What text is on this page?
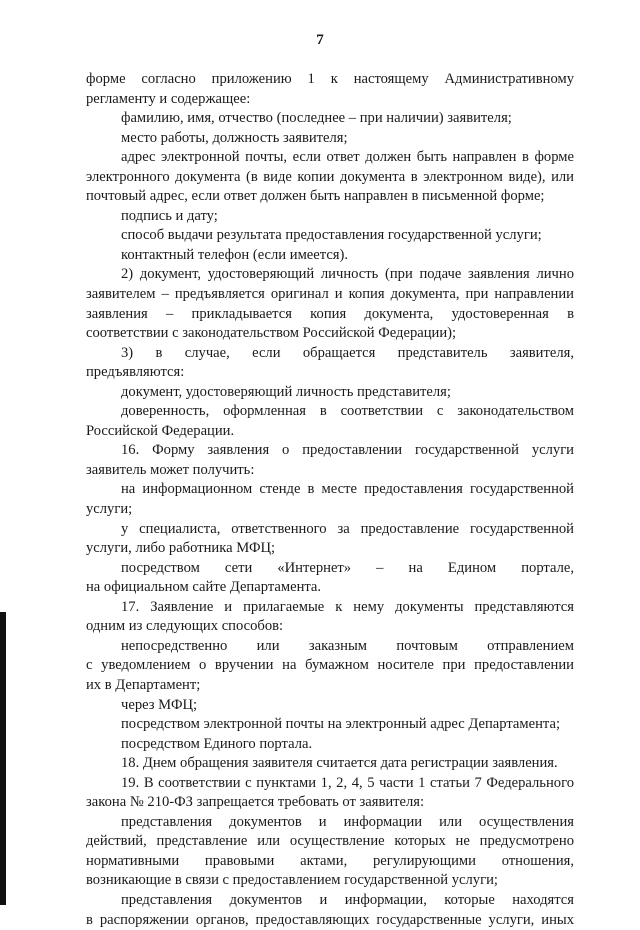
7
форме согласно приложению 1 к настоящему Административному
регламенту и содержащее:
фамилию, имя, отчество (последнее – при наличии) заявителя;
место работы, должность заявителя;
адрес электронной почты, если ответ должен быть направлен в форме
электронного документа (в виде копии документа в электронном виде), или
почтовый адрес, если ответ должен быть направлен в письменной форме;
подпись и дату;
способ выдачи результата предоставления государственной услуги;
контактный телефон (если имеется).
2) документ, удостоверяющий личность (при подаче заявления лично
заявителем – предъявляется оригинал и копия документа, при направлении
заявления – прикладывается копия документа, удостоверенная в
соответствии с законодательством Российской Федерации);
3) в случае, если обращается представитель заявителя,
предъявляются:
документ, удостоверяющий личность представителя;
доверенность, оформленная в соответствии с законодательством
Российской Федерации.
16. Форму заявления о предоставлении государственной услуги
заявитель может получить:
на информационном стенде в месте предоставления государственной
услуги;
у специалиста, ответственного за предоставление государственной
услуги, либо работника МФЦ;
посредством сети «Интернет» – на Едином портале,
на официальном сайте Департамента.
17. Заявление и прилагаемые к нему документы представляются
одним из следующих способов:
непосредственно или заказным почтовым отправлением
с уведомлением о вручении на бумажном носителе при предоставлении
их в Департамент;
через МФЦ;
посредством электронной почты на электронный адрес Департамента;
посредством Единого портала.
18. Днем обращения заявителя считается дата регистрации заявления.
19. В соответствии с пунктами 1, 2, 4, 5 части 1 статьи 7 Федерального
закона № 210-ФЗ запрещается требовать от заявителя:
представления документов и информации или осуществления
действий, представление или осуществление которых не предусмотрено
нормативными правовыми актами, регулирующими отношения,
возникающие в связи с предоставлением государственной услуги;
представления документов и информации, которые находятся
в распоряжении органов, предоставляющих государственные услуги, иных
